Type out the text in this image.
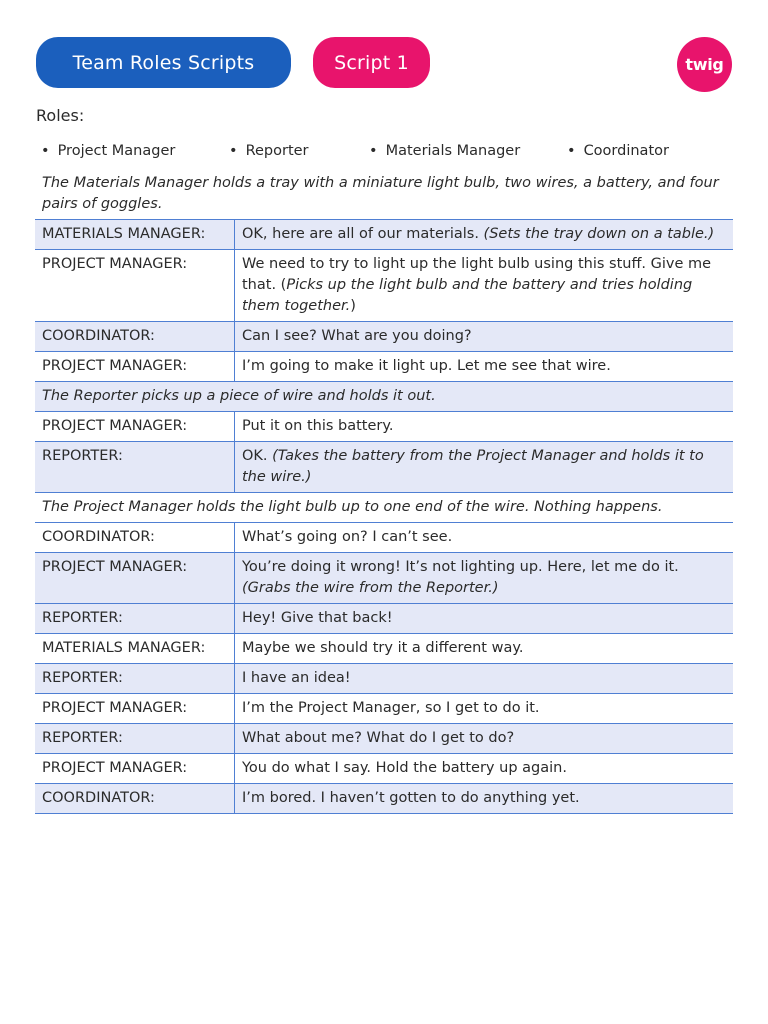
Team Roles Scripts	Script 1	twig
Roles:
• Project Manager	• Reporter	• Materials Manager	• Coordinator
The Materials Manager holds a tray with a miniature light bulb, two wires, a battery, and four pairs of goggles.
MATERIALS MANAGER:	OK, here are all of our materials. (Sets the tray down on a table.)
PROJECT MANAGER:	We need to try to light up the light bulb using this stuff. Give me that. (Picks up the light bulb and the battery and tries holding them together.)
COORDINATOR:	Can I see? What are you doing?
PROJECT MANAGER:	I’m going to make it light up. Let me see that wire.
The Reporter picks up a piece of wire and holds it out.	
PROJECT MANAGER:	Put it on this battery.
REPORTER:	OK. (Takes the battery from the Project Manager and holds it to the wire.)
The Project Manager holds the light bulb up to one end of the wire. Nothing happens.	
COORDINATOR:	What’s going on? I can’t see.
PROJECT MANAGER:	You’re doing it wrong! It’s not lighting up. Here, let me do it. (Grabs the wire from the Reporter.)
REPORTER:	Hey! Give that back!
MATERIALS MANAGER:	Maybe we should try it a different way.
REPORTER:	I have an idea!
PROJECT MANAGER:	I’m the Project Manager, so I get to do it.
REPORTER:	What about me? What do I get to do?
PROJECT MANAGER:	You do what I say. Hold the battery up again.
COORDINATOR:	I’m bored. I haven’t gotten to do anything yet.
